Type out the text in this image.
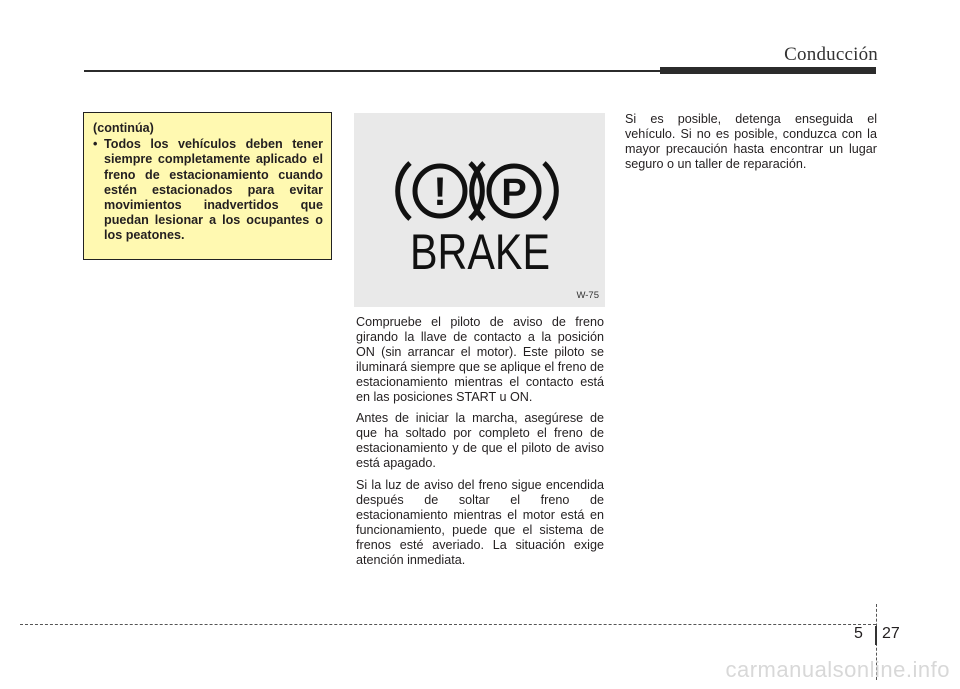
Conducción
(continúa)
• Todos los vehículos deben tener siempre completamente aplicado el freno de estacionamiento cuando estén estacionados para evitar movimientos inadvertidos que puedan lesionar a los ocupantes o los peatones.
! P
BRAKE
W-75

Compruebe el piloto de aviso de freno girando la llave de contacto a la posición ON (sin arrancar el motor). Este piloto se iluminará siempre que se aplique el freno de estacionamiento mientras el contacto está en las posiciones START u ON.

Antes de iniciar la marcha, asegúrese de que ha soltado por completo el freno de estacionamiento y de que el piloto de aviso está apagado.

Si la luz de aviso del freno sigue encendida después de soltar el freno de estacionamiento mientras el motor está en funcionamiento, puede que el sistema de frenos esté averiado. La situación exige atención inmediata.

Si es posible, detenga enseguida el vehículo. Si no es posible, conduzca con la mayor precaución hasta encontrar un lugar seguro o un taller de reparación.

5 27
carmanualsonline.info
